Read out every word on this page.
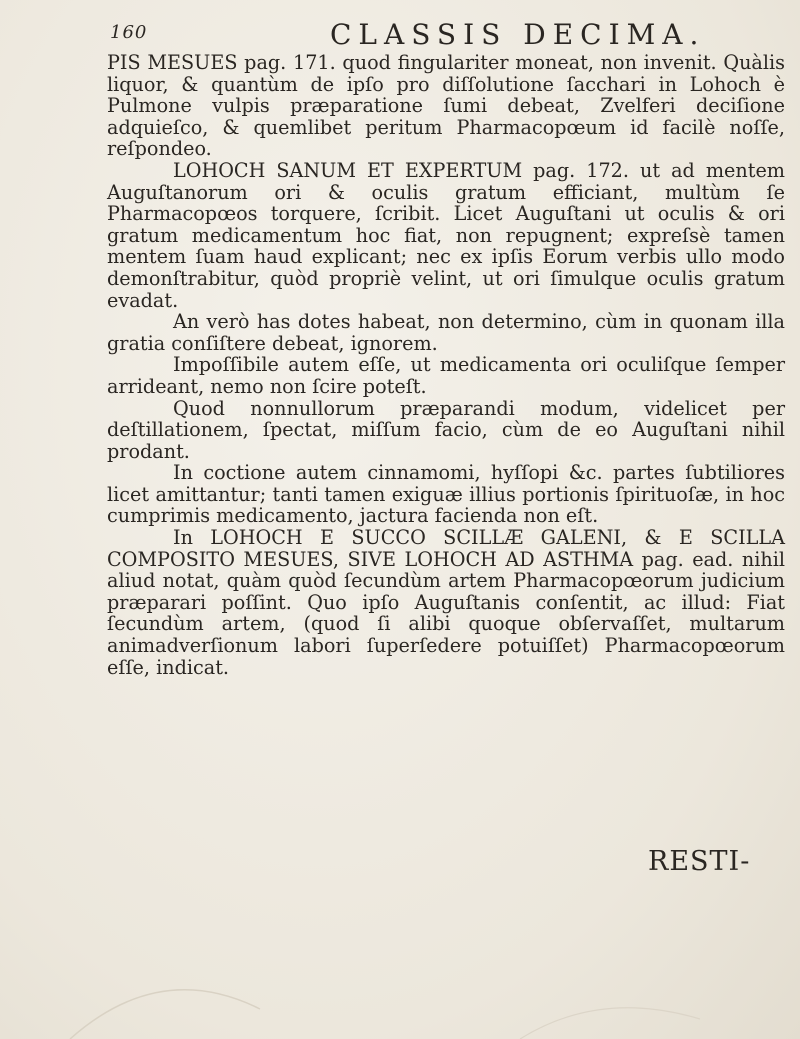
160	CLASSIS DECIMA.

PIS MESUES pag. 171. quod fingulariter moneat, non invenit. Quàlis liquor, & quantùm de ipſo pro diſſolutione ſacchari in Lohoch è Pulmone vulpis præparatione ſumi debeat, Zvelferi deciſione adquieſco, & quemlibet peritum Pharmacopœum id facilè noſſe, reſpondeo.

LOHOCH SANUM ET EXPERTUM pag. 172. ut ad mentem Auguſtanorum ori & oculis gratum efficiant, multùm ſe Pharmacopœos torquere, ſcribit. Licet Auguſtani ut oculis & ori gratum medicamentum hoc fiat, non repugnent; expreſsè tamen mentem ſuam haud explicant; nec ex ipſis Eorum verbis ullo modo demonſtrabitur, quòd propriè velint, ut ori ſimulque oculis gratum evadat.

An verò has dotes habeat, non determino, cùm in quonam illa gratia conſiſtere debeat, ignorem.

Impoſſibile autem eſſe, ut medicamenta ori oculiſque ſemper arrideant, nemo non ſcire poteſt.

Quod nonnullorum præparandi modum, videlicet per deſtillationem, ſpectat, miſſum facio, cùm de eo Auguſtani nihil prodant.

In coctione autem cinnamomi, hyſſopi &c. partes ſubtiliores licet amittantur; tanti tamen exiguæ illius portionis ſpirituoſæ, in hoc cumprimis medicamento, jactura facienda non eſt.

In LOHOCH E SUCCO SCILLÆ GALENI, & E SCILLA COMPOSITO MESUES, SIVE LOHOCH AD ASTHMA pag. ead. nihil aliud notat, quàm quòd ſecundùm artem Pharmacopœorum judicium præparari poſſint. Quo ipſo Auguſtanis conſentit, ac illud: Fiat ſecundùm artem, (quod ſi alibi quoque obſervaſſet, multarum animadverſionum labori ſuperſedere potuiſſet) Pharmacopœorum eſſe, indicat.

RESTI-
